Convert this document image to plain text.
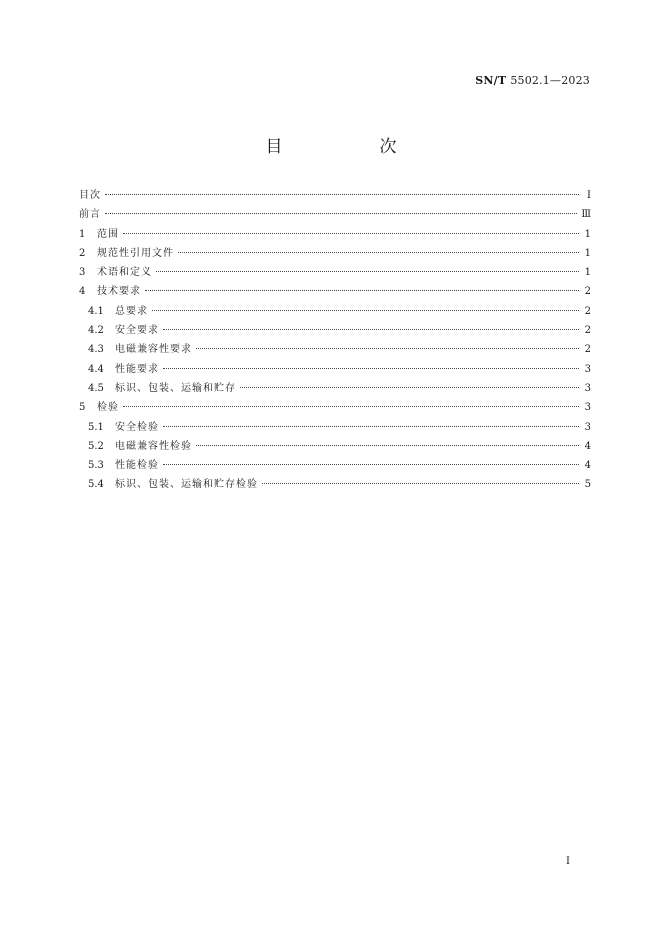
SN/T 5502.1—2023
目　次
目次	Ⅰ
前言	Ⅲ
1	范围	1
2	规范性引用文件	1
3	术语和定义	1
4	技术要求	2
4.1	总要求	2
4.2	安全要求	2
4.3	电磁兼容性要求	2
4.4	性能要求	3
4.5	标识、包装、运输和贮存	3
5	检验	3
5.1	安全检验	3
5.2	电磁兼容性检验	4
5.3	性能检验	4
5.4	标识、包装、运输和贮存检验	5
Ⅰ
